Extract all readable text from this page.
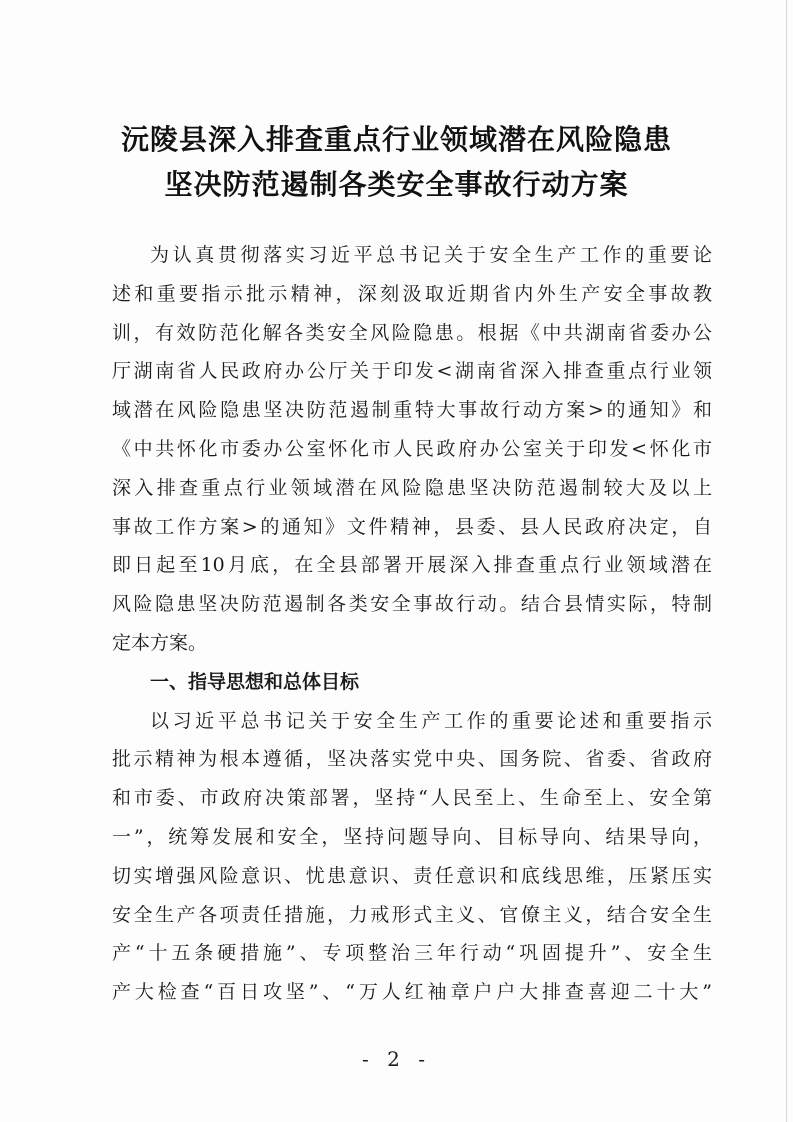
沅陵县深入排查重点行业领域潜在风险隐患
坚决防范遏制各类安全事故行动方案
为认真贯彻落实习近平总书记关于安全生产工作的重要论
述和重要指示批示精神，深刻汲取近期省内外生产安全事故教
训，有效防范化解各类安全风险隐患。根据《中共湖南省委办公
厅湖南省人民政府办公厅关于印发<湖南省深入排查重点行业领
域潜在风险隐患坚决防范遏制重特大事故行动方案>的通知》和
《中共怀化市委办公室怀化市人民政府办公室关于印发<怀化市
深入排查重点行业领域潜在风险隐患坚决防范遏制较大及以上
事故工作方案>的通知》文件精神，县委、县人民政府决定，自
即日起至10月底，在全县部署开展深入排查重点行业领域潜在
风险隐患坚决防范遏制各类安全事故行动。结合县情实际，特制
定本方案。
一、指导思想和总体目标
以习近平总书记关于安全生产工作的重要论述和重要指示
批示精神为根本遵循，坚决落实党中央、国务院、省委、省政府
和市委、市政府决策部署，坚持“人民至上、生命至上、安全第
一”，统筹发展和安全，坚持问题导向、目标导向、结果导向，
切实增强风险意识、忧患意识、责任意识和底线思维，压紧压实
安全生产各项责任措施，力戒形式主义、官僚主义，结合安全生
产“十五条硬措施”、专项整治三年行动“巩固提升”、安全生
产大检查“百日攻坚”、“万人红袖章户户大排查喜迎二十大”
- 2 -
